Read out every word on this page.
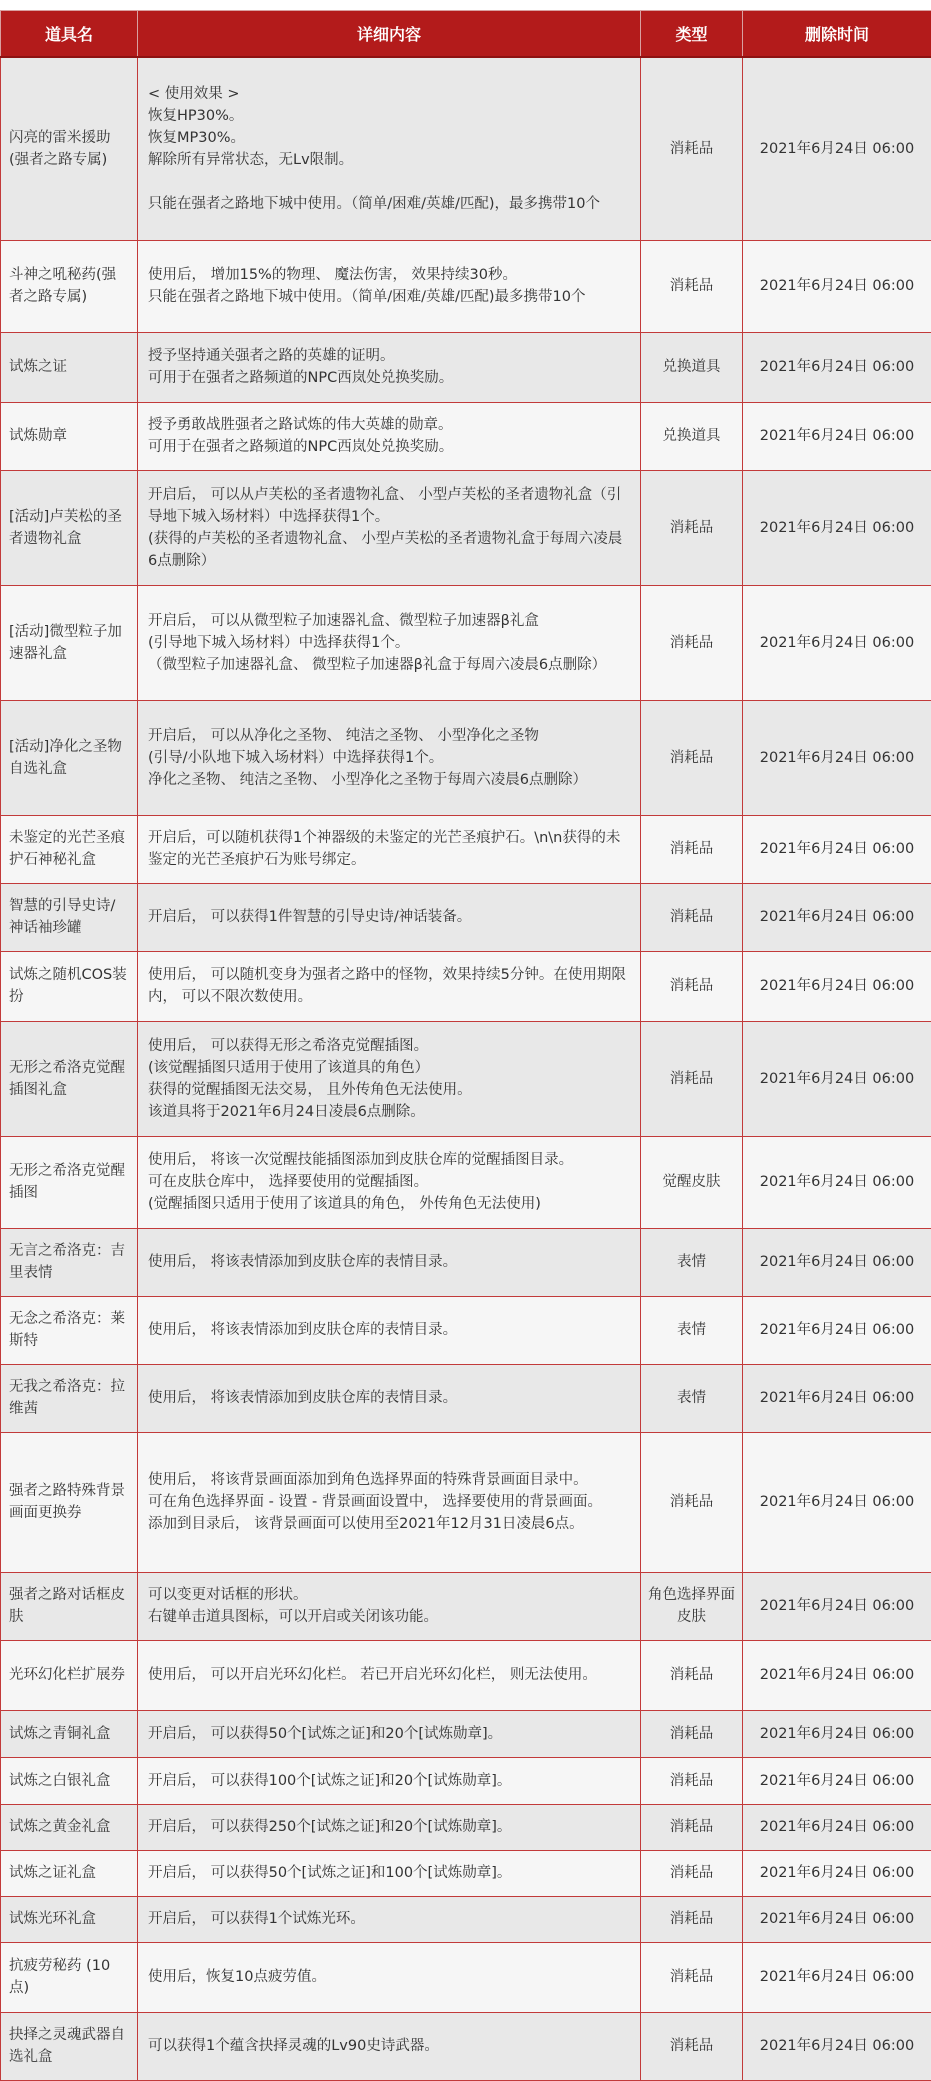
道具名	详细内容	类型	删除时间
闪亮的雷米援助(强者之路专属)	< 使用效果 >
恢复HP30%。
恢复MP30%。
解除所有异常状态，无Lv限制。
只能在强者之路地下城中使用。（简单/困难/英雄/匹配)，最多携带10个	消耗品	2021年6月24日 06:00
斗神之吼秘药(强者之路专属)	使用后， 增加15%的物理、 魔法伤害， 效果持续30秒。
只能在强者之路地下城中使用。（简单/困难/英雄/匹配)最多携带10个	消耗品	2021年6月24日 06:00
试炼之证	授予坚持通关强者之路的英雄的证明。
可用于在强者之路频道的NPC西岚处兑换奖励。	兑换道具	2021年6月24日 06:00
试炼勋章	授予勇敢战胜强者之路试炼的伟大英雄的勋章。
可用于在强者之路频道的NPC西岚处兑换奖励。	兑换道具	2021年6月24日 06:00
[活动]卢芙松的圣者遗物礼盒	开启后， 可以从卢芙松的圣者遗物礼盒、 小型卢芙松的圣者遗物礼盒（引导地下城入场材料）中选择获得1个。
(获得的卢芙松的圣者遗物礼盒、 小型卢芙松的圣者遗物礼盒于每周六凌晨6点删除）	消耗品	2021年6月24日 06:00
[活动]微型粒子加速器礼盒	开启后， 可以从微型粒子加速器礼盒、微型粒子加速器β礼盒
(引导地下城入场材料）中选择获得1个。
（微型粒子加速器礼盒、 微型粒子加速器β礼盒于每周六凌晨6点删除）	消耗品	2021年6月24日 06:00
[活动]净化之圣物自选礼盒	开启后， 可以从净化之圣物、 纯洁之圣物、 小型净化之圣物
(引导/小队地下城入场材料）中选择获得1个。
净化之圣物、 纯洁之圣物、 小型净化之圣物于每周六凌晨6点删除）	消耗品	2021年6月24日 06:00
未鉴定的光芒圣痕护石神秘礼盒	开启后，可以随机获得1个神器级的未鉴定的光芒圣痕护石。\n\n获得的未鉴定的光芒圣痕护石为账号绑定。	消耗品	2021年6月24日 06:00
智慧的引导史诗/神话袖珍罐	开启后， 可以获得1件智慧的引导史诗/神话装备。	消耗品	2021年6月24日 06:00
试炼之随机COS装扮	使用后， 可以随机变身为强者之路中的怪物，效果持续5分钟。在使用期限内， 可以不限次数使用。	消耗品	2021年6月24日 06:00
无形之希洛克觉醒插图礼盒	使用后， 可以获得无形之希洛克觉醒插图。
(该觉醒插图只适用于使用了该道具的角色）
获得的觉醒插图无法交易， 且外传角色无法使用。
该道具将于2021年6月24日凌晨6点删除。	消耗品	2021年6月24日 06:00
无形之希洛克觉醒插图	使用后， 将该一次觉醒技能插图添加到皮肤仓库的觉醒插图目录。
可在皮肤仓库中， 选择要使用的觉醒插图。
(觉醒插图只适用于使用了该道具的角色， 外传角色无法使用)	觉醒皮肤	2021年6月24日 06:00
无言之希洛克：吉里表情	使用后， 将该表情添加到皮肤仓库的表情目录。	表情	2021年6月24日 06:00
无念之希洛克：莱斯特	使用后， 将该表情添加到皮肤仓库的表情目录。	表情	2021年6月24日 06:00
无我之希洛克：拉维茜	使用后， 将该表情添加到皮肤仓库的表情目录。	表情	2021年6月24日 06:00
强者之路特殊背景画面更换券	使用后， 将该背景画面添加到角色选择界面的特殊背景画面目录中。
可在角色选择界面 - 设置 - 背景画面设置中， 选择要使用的背景画面。
添加到目录后， 该背景画面可以使用至2021年12月31日凌晨6点。	消耗品	2021年6月24日 06:00
强者之路对话框皮肤	可以变更对话框的形状。
右键单击道具图标，可以开启或关闭该功能。	角色选择界面皮肤	2021年6月24日 06:00
光环幻化栏扩展券	使用后， 可以开启光环幻化栏。 若已开启光环幻化栏， 则无法使用。	消耗品	2021年6月24日 06:00
试炼之青铜礼盒	开启后， 可以获得50个[试炼之证]和20个[试炼勋章]。	消耗品	2021年6月24日 06:00
试炼之白银礼盒	开启后， 可以获得100个[试炼之证]和20个[试炼勋章]。	消耗品	2021年6月24日 06:00
试炼之黄金礼盒	开启后， 可以获得250个[试炼之证]和20个[试炼勋章]。	消耗品	2021年6月24日 06:00
试炼之证礼盒	开启后， 可以获得50个[试炼之证]和100个[试炼勋章]。	消耗品	2021年6月24日 06:00
试炼光环礼盒	开启后， 可以获得1个试炼光环。	消耗品	2021年6月24日 06:00
抗疲劳秘药 (10点)	使用后，恢复10点疲劳值。	消耗品	2021年6月24日 06:00
抉择之灵魂武器自选礼盒	可以获得1个蕴含抉择灵魂的Lv90史诗武器。	消耗品	2021年6月24日 06:00
